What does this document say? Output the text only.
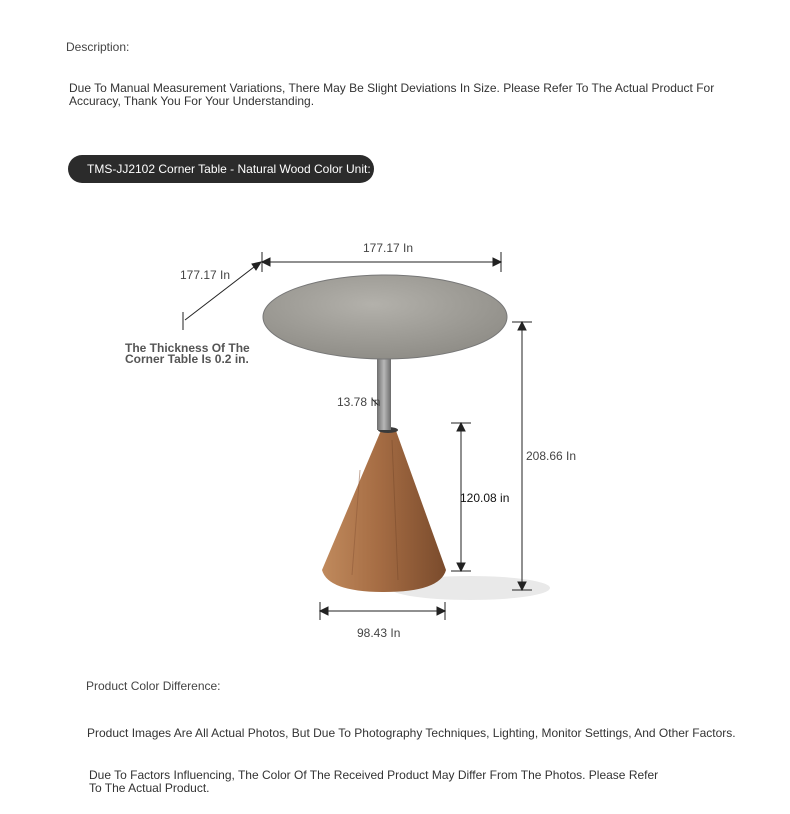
Description:
Due To Manual Measurement Variations, There May Be Slight Deviations In Size. Please Refer To The Actual Product For
Accuracy, Thank You For Your Understanding.
TMS-JJ2102 Corner Table - Natural Wood Color Unit:
177.17 In
177.17 In
The Thickness Of The
Corner Table Is 0.2 in.
13.78 In
120.08 in
208.66 In
98.43 In
Product Color Difference:
Product Images Are All Actual Photos, But Due To Photography Techniques, Lighting, Monitor Settings, And Other Factors.
Due To Factors Influencing, The Color Of The Received Product May Differ From The Photos. Please Refer
To The Actual Product.
